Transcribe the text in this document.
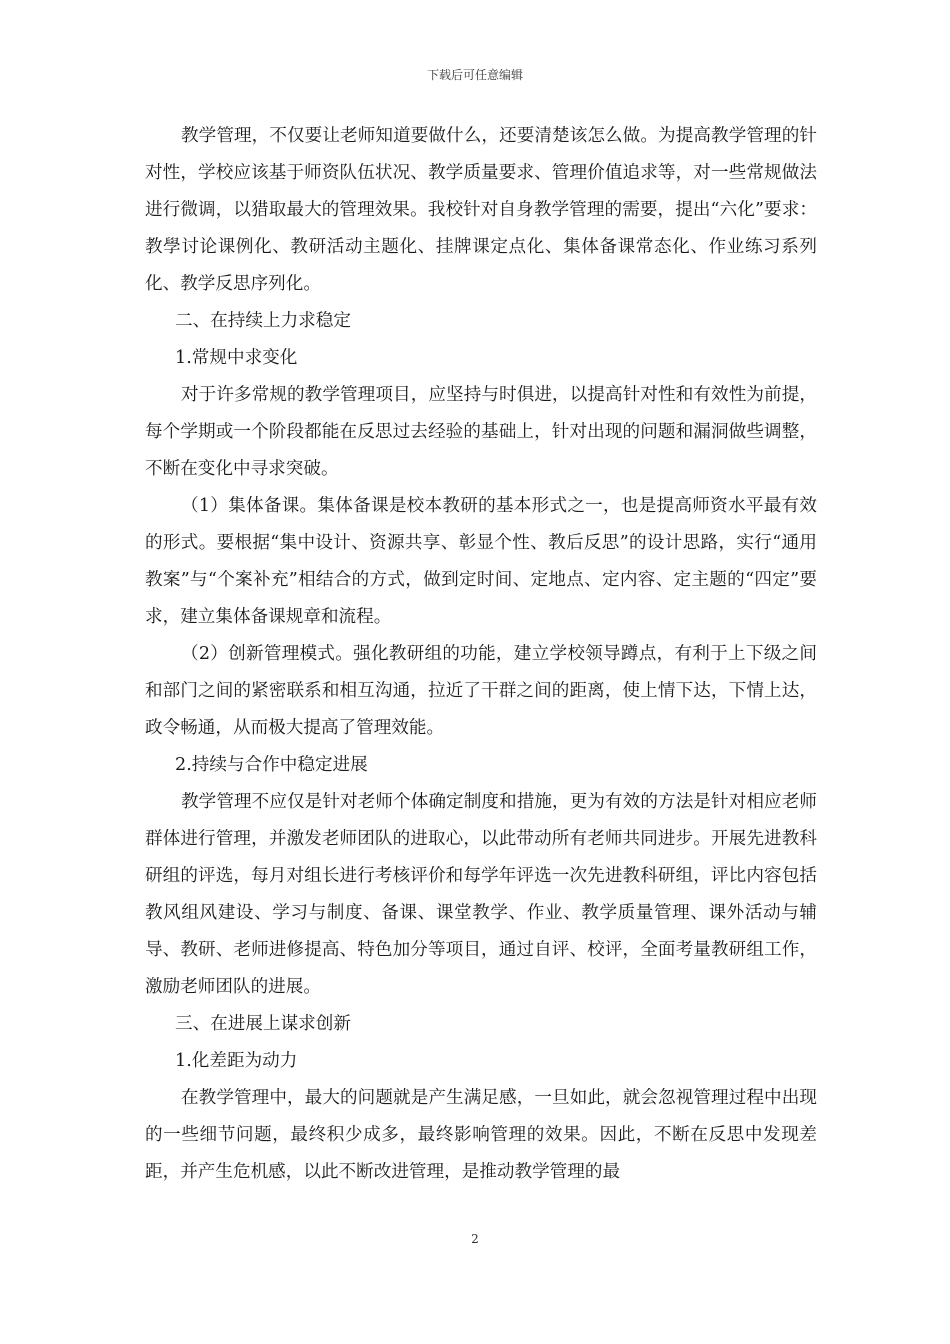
下载后可任意编辑

教学管理，不仅要让老师知道要做什么，还要清楚该怎么做。为提高教学管理的针对性，学校应该基于师资队伍状况、教学质量要求、管理价值追求等，对一些常规做法进行微调，以猎取最大的管理效果。我校针对自身教学管理的需要，提出“六化”要求：教學讨论课例化、教研活动主题化、挂牌课定点化、集体备课常态化、作业练习系列化、教学反思序列化。

二、在持续上力求稳定

1.常规中求变化

对于许多常规的教学管理项目，应坚持与时俱进，以提高针对性和有效性为前提，每个学期或一个阶段都能在反思过去经验的基础上，针对出现的问题和漏洞做些调整，不断在变化中寻求突破。

（1）集体备课。集体备课是校本教研的基本形式之一，也是提高师资水平最有效的形式。要根据“集中设计、资源共享、彰显个性、教后反思”的设计思路，实行“通用教案”与“个案补充”相结合的方式，做到定时间、定地点、定内容、定主题的“四定”要求，建立集体备课规章和流程。

（2）创新管理模式。强化教研组的功能，建立学校领导蹲点，有利于上下级之间和部门之间的紧密联系和相互沟通，拉近了干群之间的距离，使上情下达，下情上达，政令畅通，从而极大提高了管理效能。

2.持续与合作中稳定进展

教学管理不应仅是针对老师个体确定制度和措施，更为有效的方法是针对相应老师群体进行管理，并激发老师团队的进取心，以此带动所有老师共同进步。开展先进教科研组的评选，每月对组长进行考核评价和每学年评选一次先进教科研组，评比内容包括教风组风建设、学习与制度、备课、课堂教学、作业、教学质量管理、课外活动与辅导、教研、老师进修提高、特色加分等项目，通过自评、校评，全面考量教研组工作，激励老师团队的进展。

三、在进展上谋求创新

1.化差距为动力

在教学管理中，最大的问题就是产生满足感，一旦如此，就会忽视管理过程中出现的一些细节问题，最终积少成多，最终影响管理的效果。因此，不断在反思中发现差距，并产生危机感，以此不断改进管理，是推动教学管理的最

2
